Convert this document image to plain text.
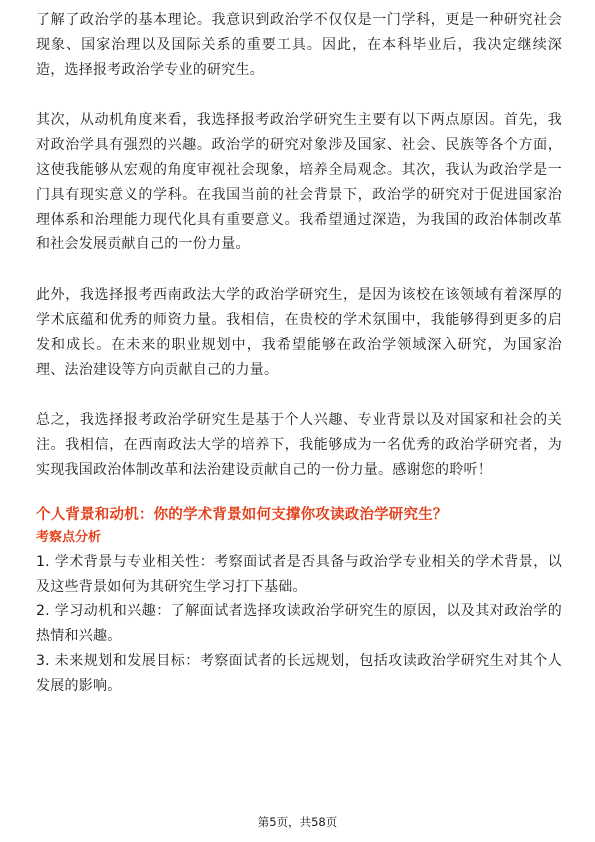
了解了政治学的基本理论。我意识到政治学不仅仅是一门学科，更是一种研究社会现象、国家治理以及国际关系的重要工具。因此，在本科毕业后，我决定继续深造，选择报考政治学专业的研究生。

其次，从动机角度来看，我选择报考政治学研究生主要有以下两点原因。首先，我对政治学具有强烈的兴趣。政治学的研究对象涉及国家、社会、民族等各个方面，这使我能够从宏观的角度审视社会现象，培养全局观念。其次，我认为政治学是一门具有现实意义的学科。在我国当前的社会背景下，政治学的研究对于促进国家治理体系和治理能力现代化具有重要意义。我希望通过深造，为我国的政治体制改革和社会发展贡献自己的一份力量。

此外，我选择报考西南政法大学的政治学研究生，是因为该校在该领域有着深厚的学术底蕴和优秀的师资力量。我相信，在贵校的学术氛围中，我能够得到更多的启发和成长。在未来的职业规划中，我希望能够在政治学领域深入研究，为国家治理、法治建设等方向贡献自己的力量。

总之，我选择报考政治学研究生是基于个人兴趣、专业背景以及对国家和社会的关注。我相信，在西南政法大学的培养下，我能够成为一名优秀的政治学研究者，为实现我国政治体制改革和法治建设贡献自己的一份力量。感谢您的聆听！

个人背景和动机：你的学术背景如何支撑你攻读政治学研究生？
考察点分析
1. 学术背景与专业相关性：考察面试者是否具备与政治学专业相关的学术背景，以及这些背景如何为其研究生学习打下基础。
2. 学习动机和兴趣：了解面试者选择攻读政治学研究生的原因，以及其对政治学的热情和兴趣。
3. 未来规划和发展目标：考察面试者的长远规划，包括攻读政治学研究生对其个人发展的影响。
第5页，共58页
